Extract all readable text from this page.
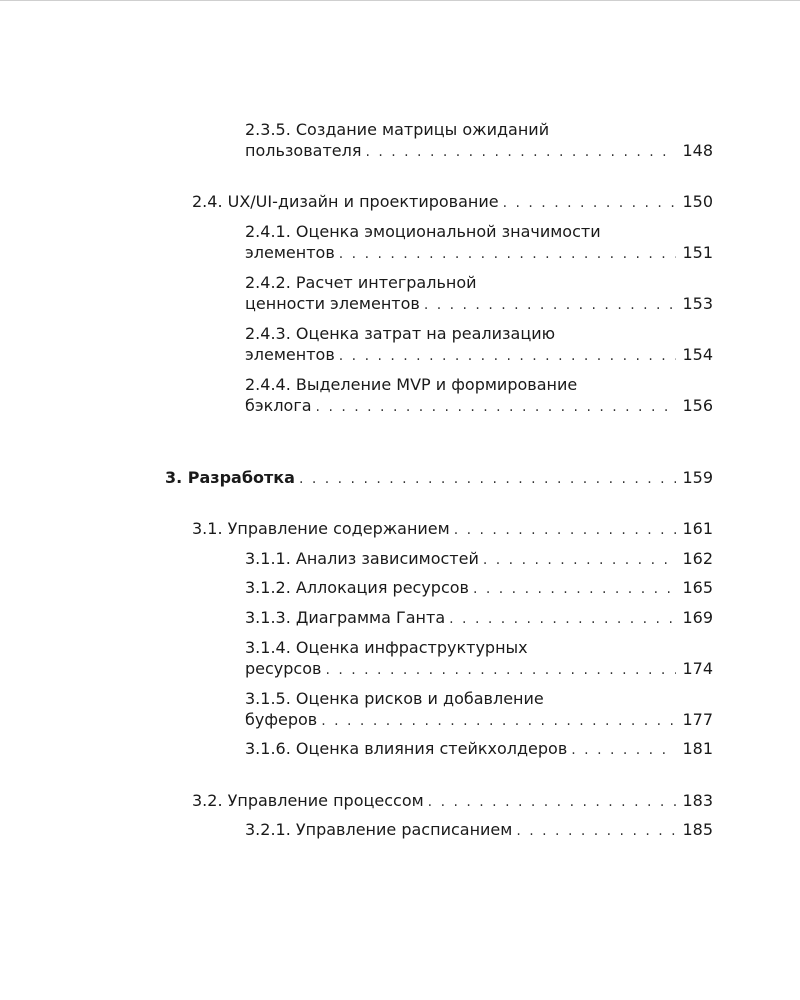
2.3.5. Создание матрицы ожиданий
пользователя . . .	148
2.4. UX/UI-дизайн и проектирование . . .	150
2.4.1. Оценка эмоциональной значимости
элементов . . .	151
2.4.2. Расчет интегральной
ценности элементов . . .	153
2.4.3. Оценка затрат на реализацию
элементов . . .	154
2.4.4. Выделение MVP и формирование
бэклога . . .	156
3. Разработка . . .	159
3.1. Управление содержанием . . .	161
3.1.1. Анализ зависимостей . . .	162
3.1.2. Аллокация ресурсов . . .	165
3.1.3. Диаграмма Ганта . . .	169
3.1.4. Оценка инфраструктурных
ресурсов . . .	174
3.1.5. Оценка рисков и добавление
буферов . . .	177
3.1.6. Оценка влияния стейкхолдеров . . .	181
3.2. Управление процессом . . .	183
3.2.1. Управление расписанием . . .	185
